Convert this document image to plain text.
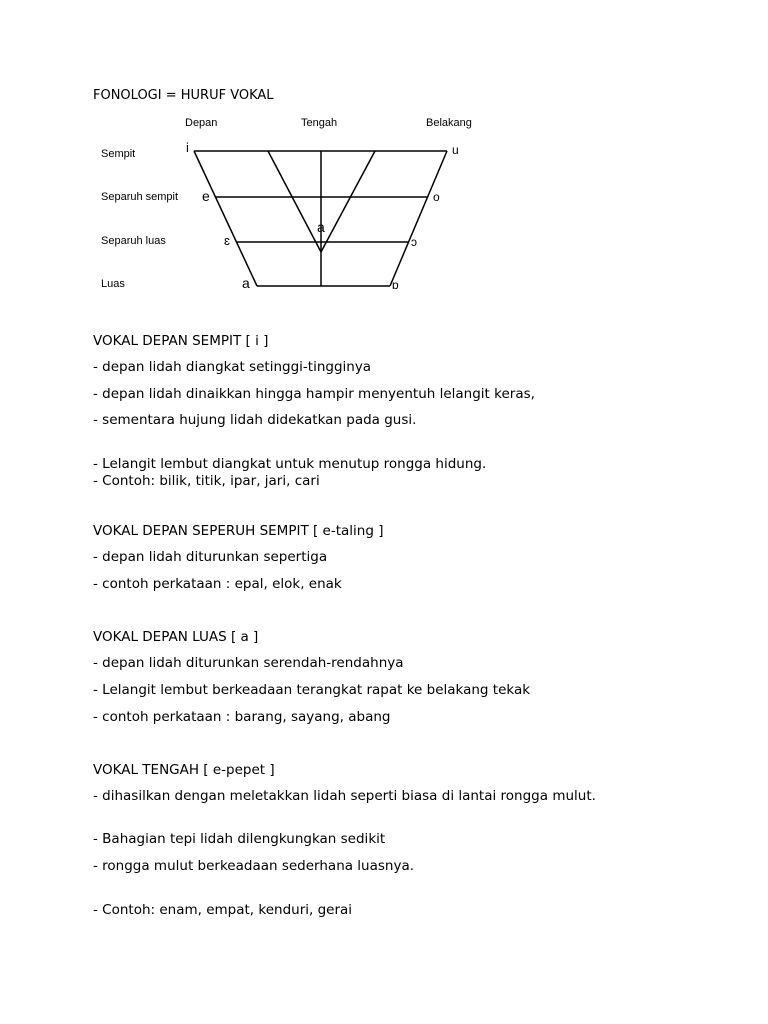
FONOLOGI = HURUF VOKAL
Depan	Tengah	Belakang
Sempit
Separuh sempit
Separuh luas
Luas
i
e
ɛ
a
a
u
o
ɔ
ɒ
VOKAL DEPAN SEMPIT [ i ]
- depan lidah diangkat setinggi-tingginya
- depan lidah dinaikkan hingga hampir menyentuh lelangit keras,
- sementara hujung lidah didekatkan pada gusi.
- Lelangit lembut diangkat untuk menutup rongga hidung.
- Contoh: bilik, titik, ipar, jari, cari
VOKAL DEPAN SEPERUH SEMPIT [ e-taling ]
- depan lidah diturunkan sepertiga
- contoh perkataan : epal, elok, enak
VOKAL DEPAN LUAS [ a ]
- depan lidah diturunkan serendah-rendahnya
- Lelangit lembut berkeadaan terangkat rapat ke belakang tekak
- contoh perkataan : barang, sayang, abang
VOKAL TENGAH [ e-pepet ]
- dihasilkan dengan meletakkan lidah seperti biasa di lantai rongga mulut.
- Bahagian tepi lidah dilengkungkan sedikit
- rongga mulut berkeadaan sederhana luasnya.
- Contoh: enam, empat, kenduri, gerai
